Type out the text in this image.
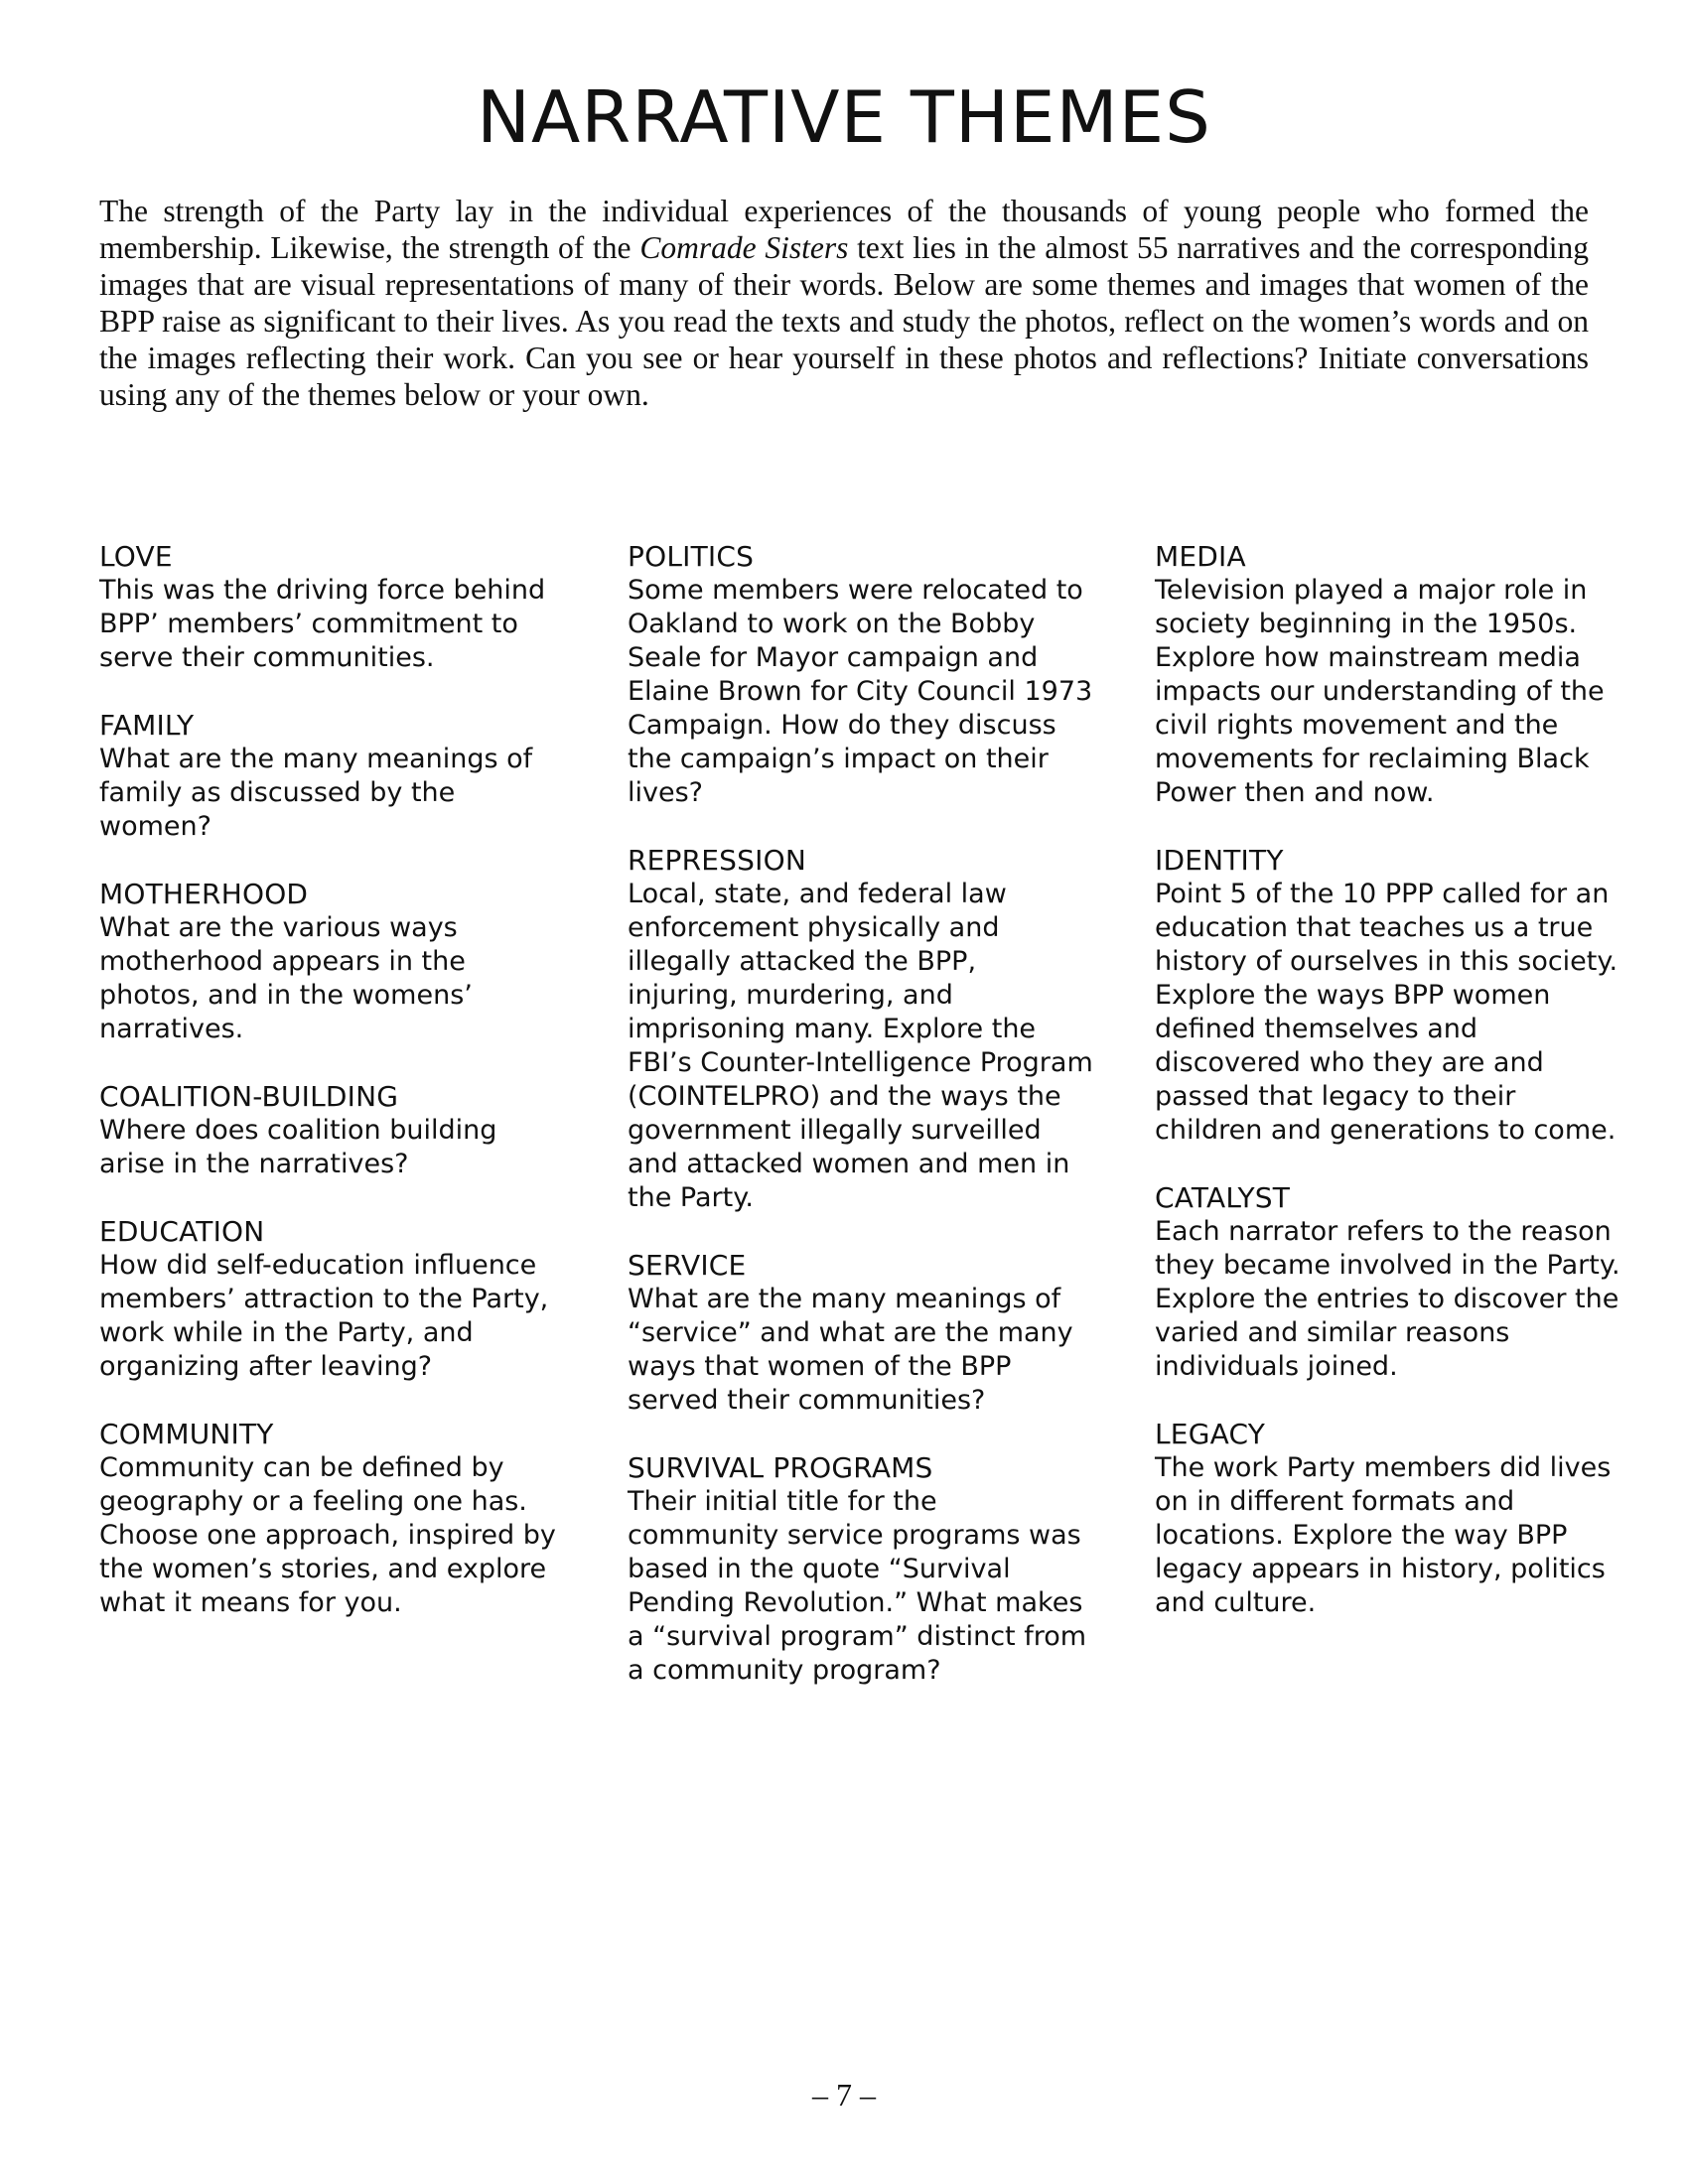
NARRATIVE THEMES

The strength of the Party lay in the individual experiences of the thousands of young people who formed the membership. Likewise, the strength of the Comrade Sisters text lies in the almost 55 narratives and the corresponding images that are visual representations of many of their words. Below are some themes and images that women of the BPP raise as significant to their lives. As you read the texts and study the photos, reflect on the women’s words and on the images reflecting their work. Can you see or hear yourself in these photos and reflections? Initiate conversations using any of the themes below or your own.

LOVE
This was the driving force behind BPP’ members’ commitment to serve their communities.
FAMILY
What are the many meanings of family as discussed by the women?
MOTHERHOOD
What are the various ways motherhood appears in the photos, and in the womens’ narratives.
COALITION-BUILDING
Where does coalition building arise in the narratives?
EDUCATION
How did self-education influence members’ attraction to the Party, work while in the Party, and organizing after leaving?
COMMUNITY
Community can be defined by geography or a feeling one has. Choose one approach, inspired by the women’s stories, and explore what it means for you.
POLITICS
Some members were relocated to Oakland to work on the Bobby Seale for Mayor campaign and Elaine Brown for City Council 1973 Campaign. How do they discuss the campaign’s impact on their lives?
REPRESSION
Local, state, and federal law enforcement physically and illegally attacked the BPP, injuring, murdering, and imprisoning many. Explore the FBI’s Counter-Intelligence Program (COINTELPRO) and the ways the government illegally surveilled and attacked women and men in the Party.
SERVICE
What are the many meanings of “service” and what are the many ways that women of the BPP served their communities?
SURVIVAL PROGRAMS
Their initial title for the community service programs was based in the quote “Survival Pending Revolution.” What makes a “survival program” distinct from a community program?
MEDIA
Television played a major role in society beginning in the 1950s. Explore how mainstream media impacts our understanding of the civil rights movement and the movements for reclaiming Black Power then and now.
IDENTITY
Point 5 of the 10 PPP called for an education that teaches us a true history of ourselves in this society. Explore the ways BPP women defined themselves and discovered who they are and passed that legacy to their children and generations to come.
CATALYST
Each narrator refers to the reason they became involved in the Party. Explore the entries to discover the varied and similar reasons individuals joined.
LEGACY
The work Party members did lives on in different formats and locations. Explore the way BPP legacy appears in history, politics and culture.
– 7 –
